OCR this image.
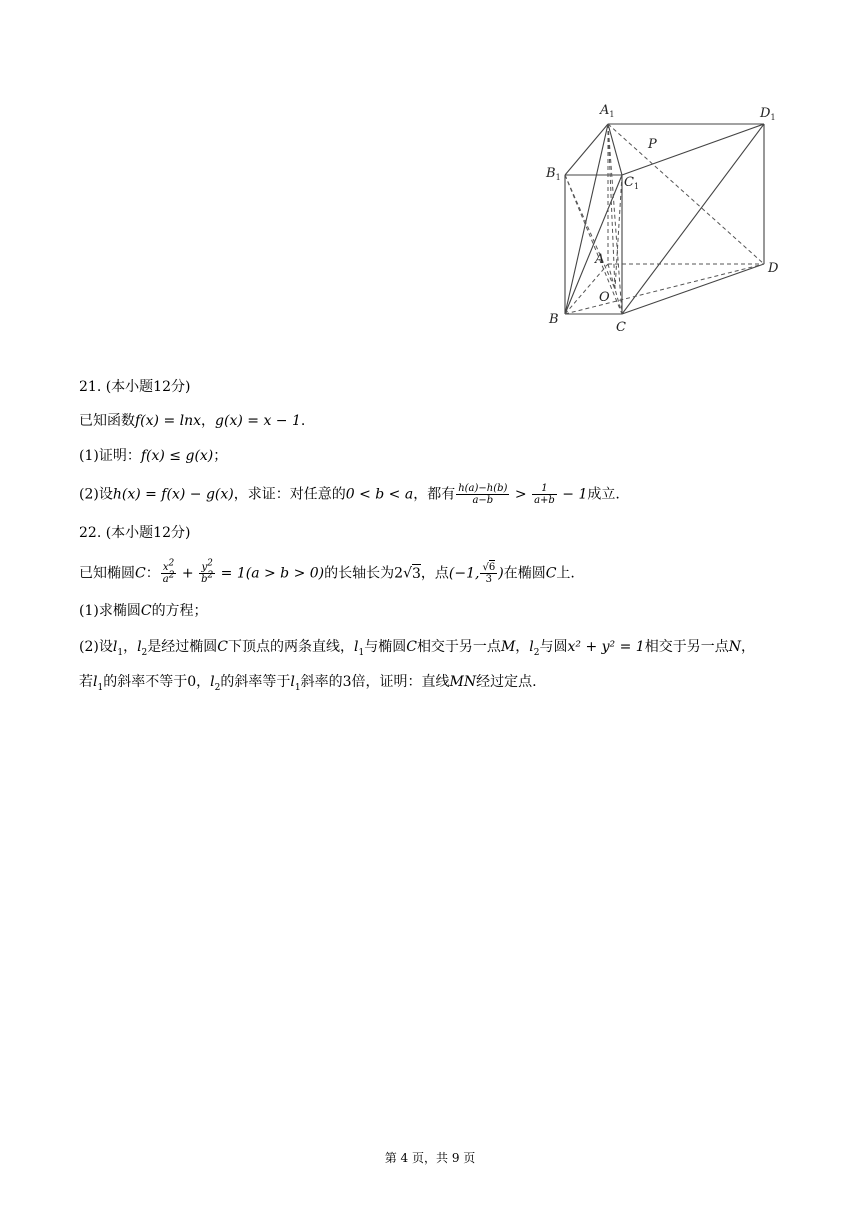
$A_1$	$D_1$
P
$B_1$	$C_1$
A
D
O
B
C
21. (本小题12分)
已知函数f(x) = lnx，g(x) = x − 1.
(1)证明：f(x) ≤ g(x)；
(2)设h(x) = f(x) − g(x)，求证：对任意的0 < b < a，都有 $\frac{h(a)-h(b)}{a-b} > \frac{1}{a+b} - 1$成立.
22. (本小题12分)
已知椭圆C： $\frac{x^2}{a^2} + \frac{y^2}{b^2} = 1(a > b > 0)$的长轴长为2√3，点(−1, $\frac{√6}{3}$ )在椭圆C上.
(1)求椭圆C的方程；
(2)设$l_1$，$l_2$是经过椭圆C下顶点的两条直线，$l_1$与椭圆C相交于另一点M，$l_2$与圆x² + y² = 1相交于另一点N，
若$l_1$的斜率不等于0，$l_2$的斜率等于$l_1$斜率的3倍，证明：直线MN经过定点.
第 4 页，共 9 页
